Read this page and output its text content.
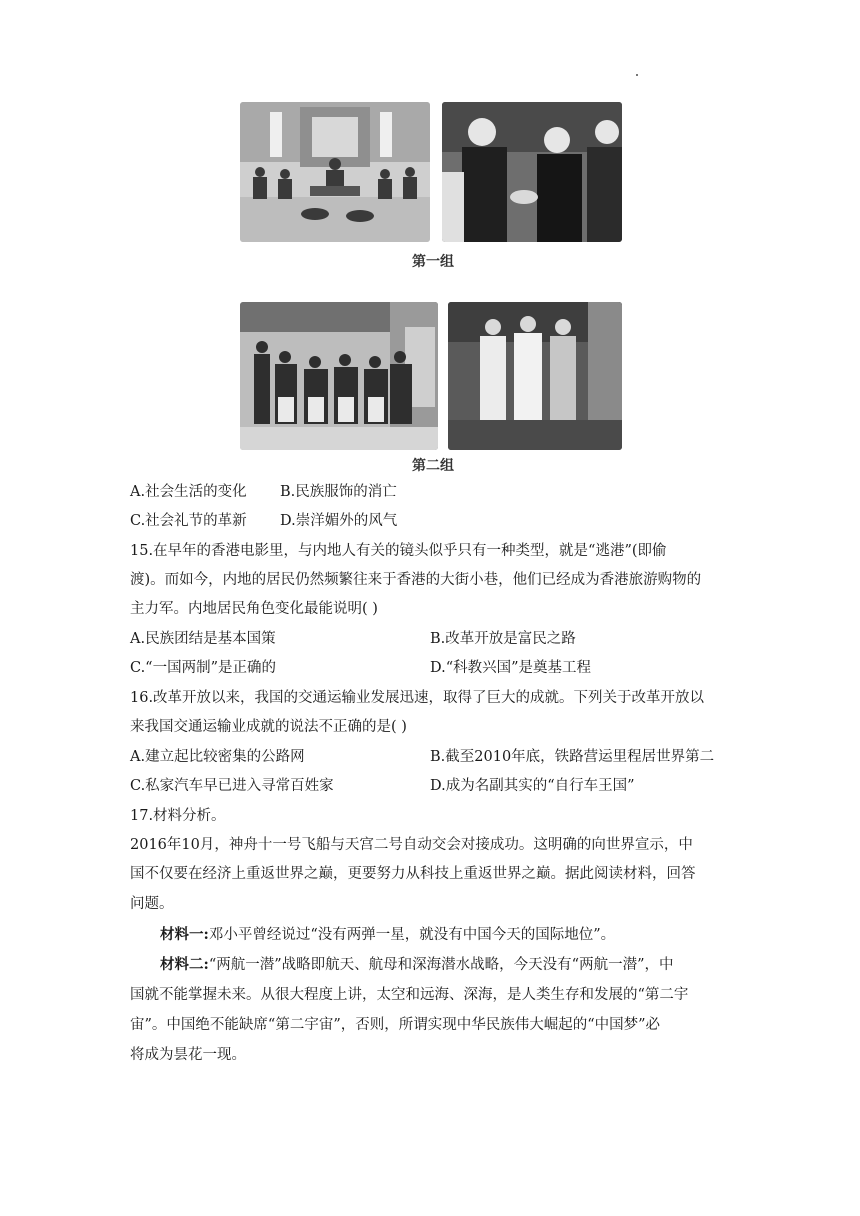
第一组
第二组
A.社会生活的变化 B.民族服饰的消亡
C.社会礼节的革新 D.崇洋媚外的风气
15.在早年的香港电影里，与内地人有关的镜头似乎只有一种类型，就是“逃港”(即偷
渡)。而如今，内地的居民仍然频繁往来于香港的大街小巷，他们已经成为香港旅游购物的
主力军。内地居民角色变化最能说明( )
A.民族团结是基本国策	B.改革开放是富民之路
C.“一国两制”是正确的	D.“科教兴国”是奠基工程
16.改革开放以来，我国的交通运输业发展迅速，取得了巨大的成就。下列关于改革开放以
来我国交通运输业成就的说法不正确的是( )
A.建立起比较密集的公路网	B.截至2010年底，铁路营运里程居世界第二
C.私家汽车早已进入寻常百姓家	D.成为名副其实的“自行车王国”
17.材料分析。
2016年10月，神舟十一号飞船与天宫二号自动交会对接成功。这明确的向世界宣示，中
国不仅要在经济上重返世界之巅，更要努力从科技上重返世界之巅。据此阅读材料，回答
问题。
材料一:邓小平曾经说过“没有两弹一星，就没有中国今天的国际地位”。
材料二:“两航一潜”战略即航天、航母和深海潜水战略，今天没有“两航一潜”，中
国就不能掌握未来。从很大程度上讲，太空和远海、深海，是人类生存和发展的“第二宇
宙”。中国绝不能缺席“第二宇宙”，否则，所谓实现中华民族伟大崛起的“中国梦”必
将成为昙花一现。
